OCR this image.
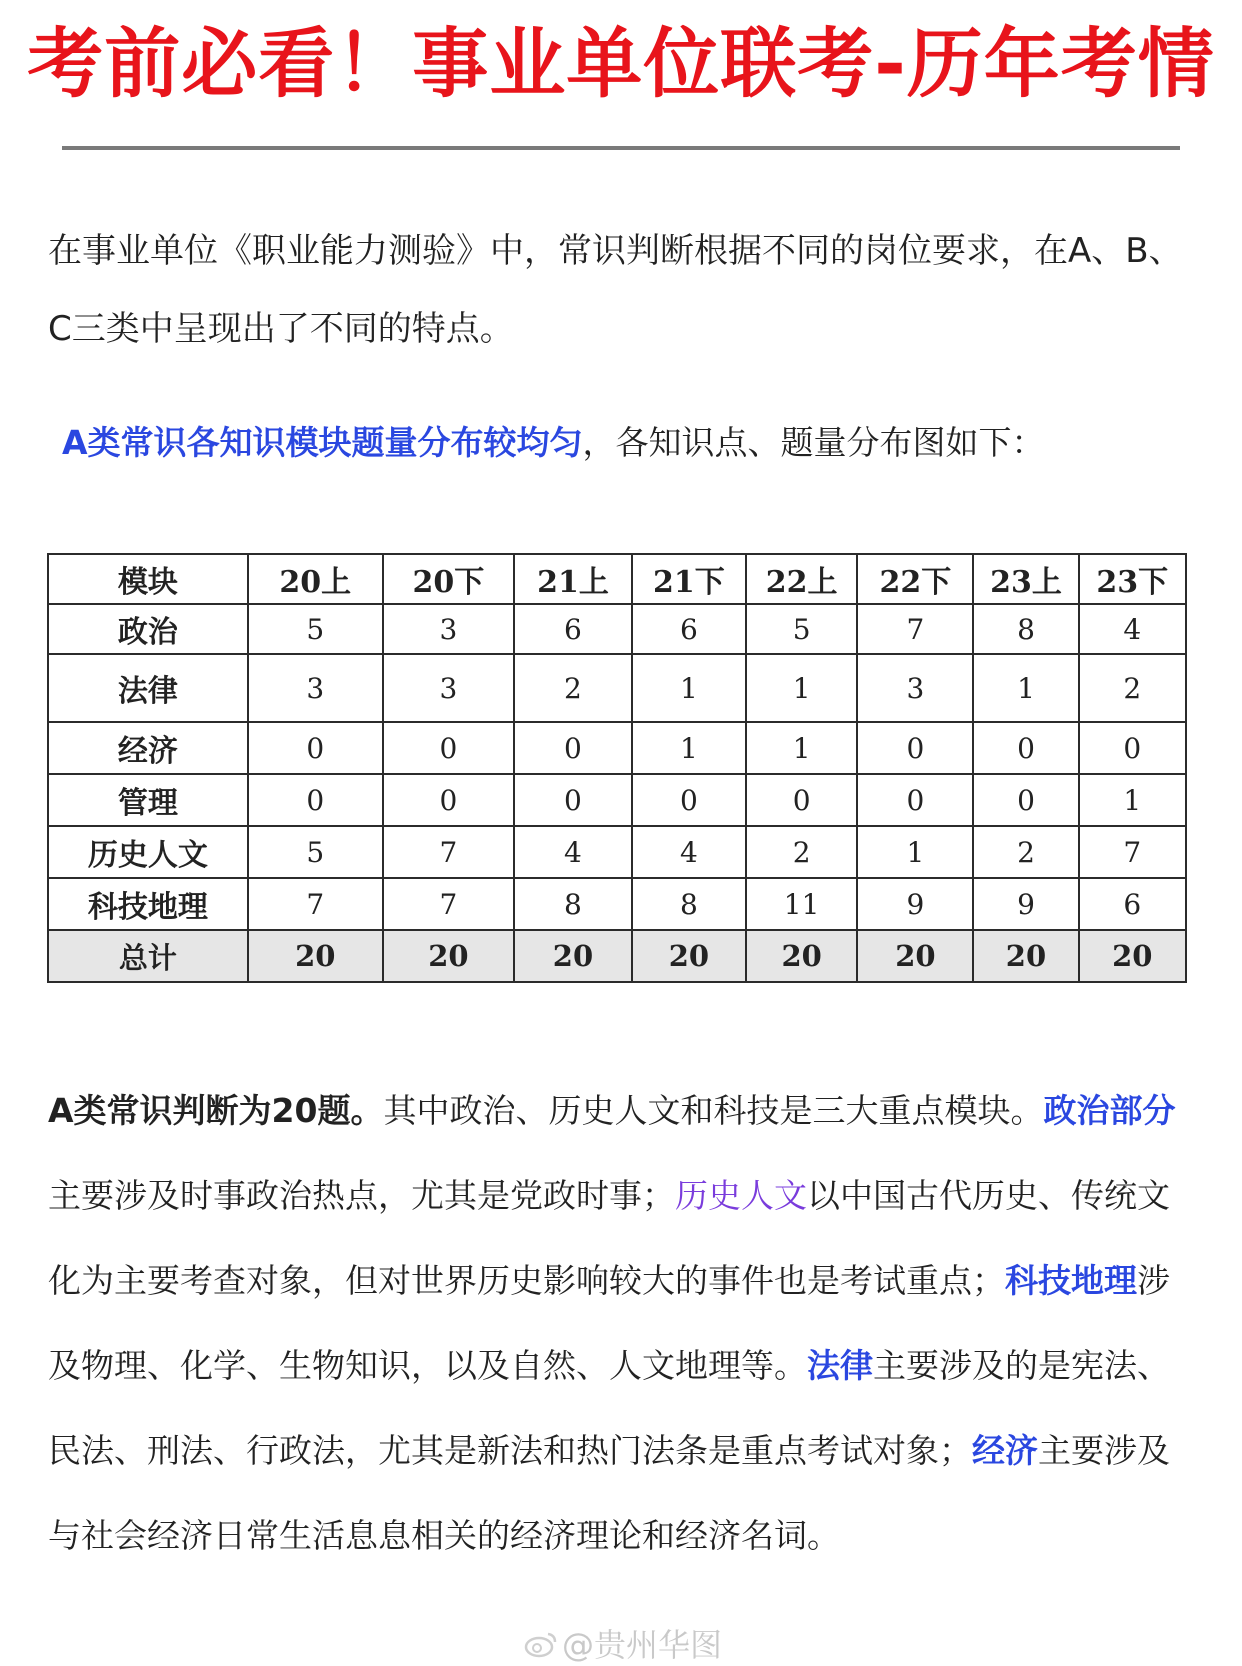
考前必看！事业单位联考-历年考情
在事业单位《职业能力测验》中，常识判断根据不同的岗位要求，在A、B、C三类中呈现出了不同的特点。
A类常识各知识模块题量分布较均匀，各知识点、题量分布图如下：
模块	20上	20下	21上	21下	22上	22下	23上	23下
政治	5	3	6	6	5	7	8	4
法律	3	3	2	1	1	3	1	2
经济	0	0	0	1	1	0	0	0
管理	0	0	0	0	0	0	0	1
历史人文	5	7	4	4	2	1	2	7
科技地理	7	7	8	8	11	9	9	6
总计	20	20	20	20	20	20	20	20
A类常识判断为20题。其中政治、历史人文和科技是三大重点模块。政治部分主要涉及时事政治热点，尤其是党政时事；历史人文以中国古代历史、传统文化为主要考查对象，但对世界历史影响较大的事件也是考试重点；科技地理涉及物理、化学、生物知识，以及自然、人文地理等。法律主要涉及的是宪法、民法、刑法、行政法，尤其是新法和热门法条是重点考试对象；经济主要涉及与社会经济日常生活息息相关的经济理论和经济名词。
@贵州华图
